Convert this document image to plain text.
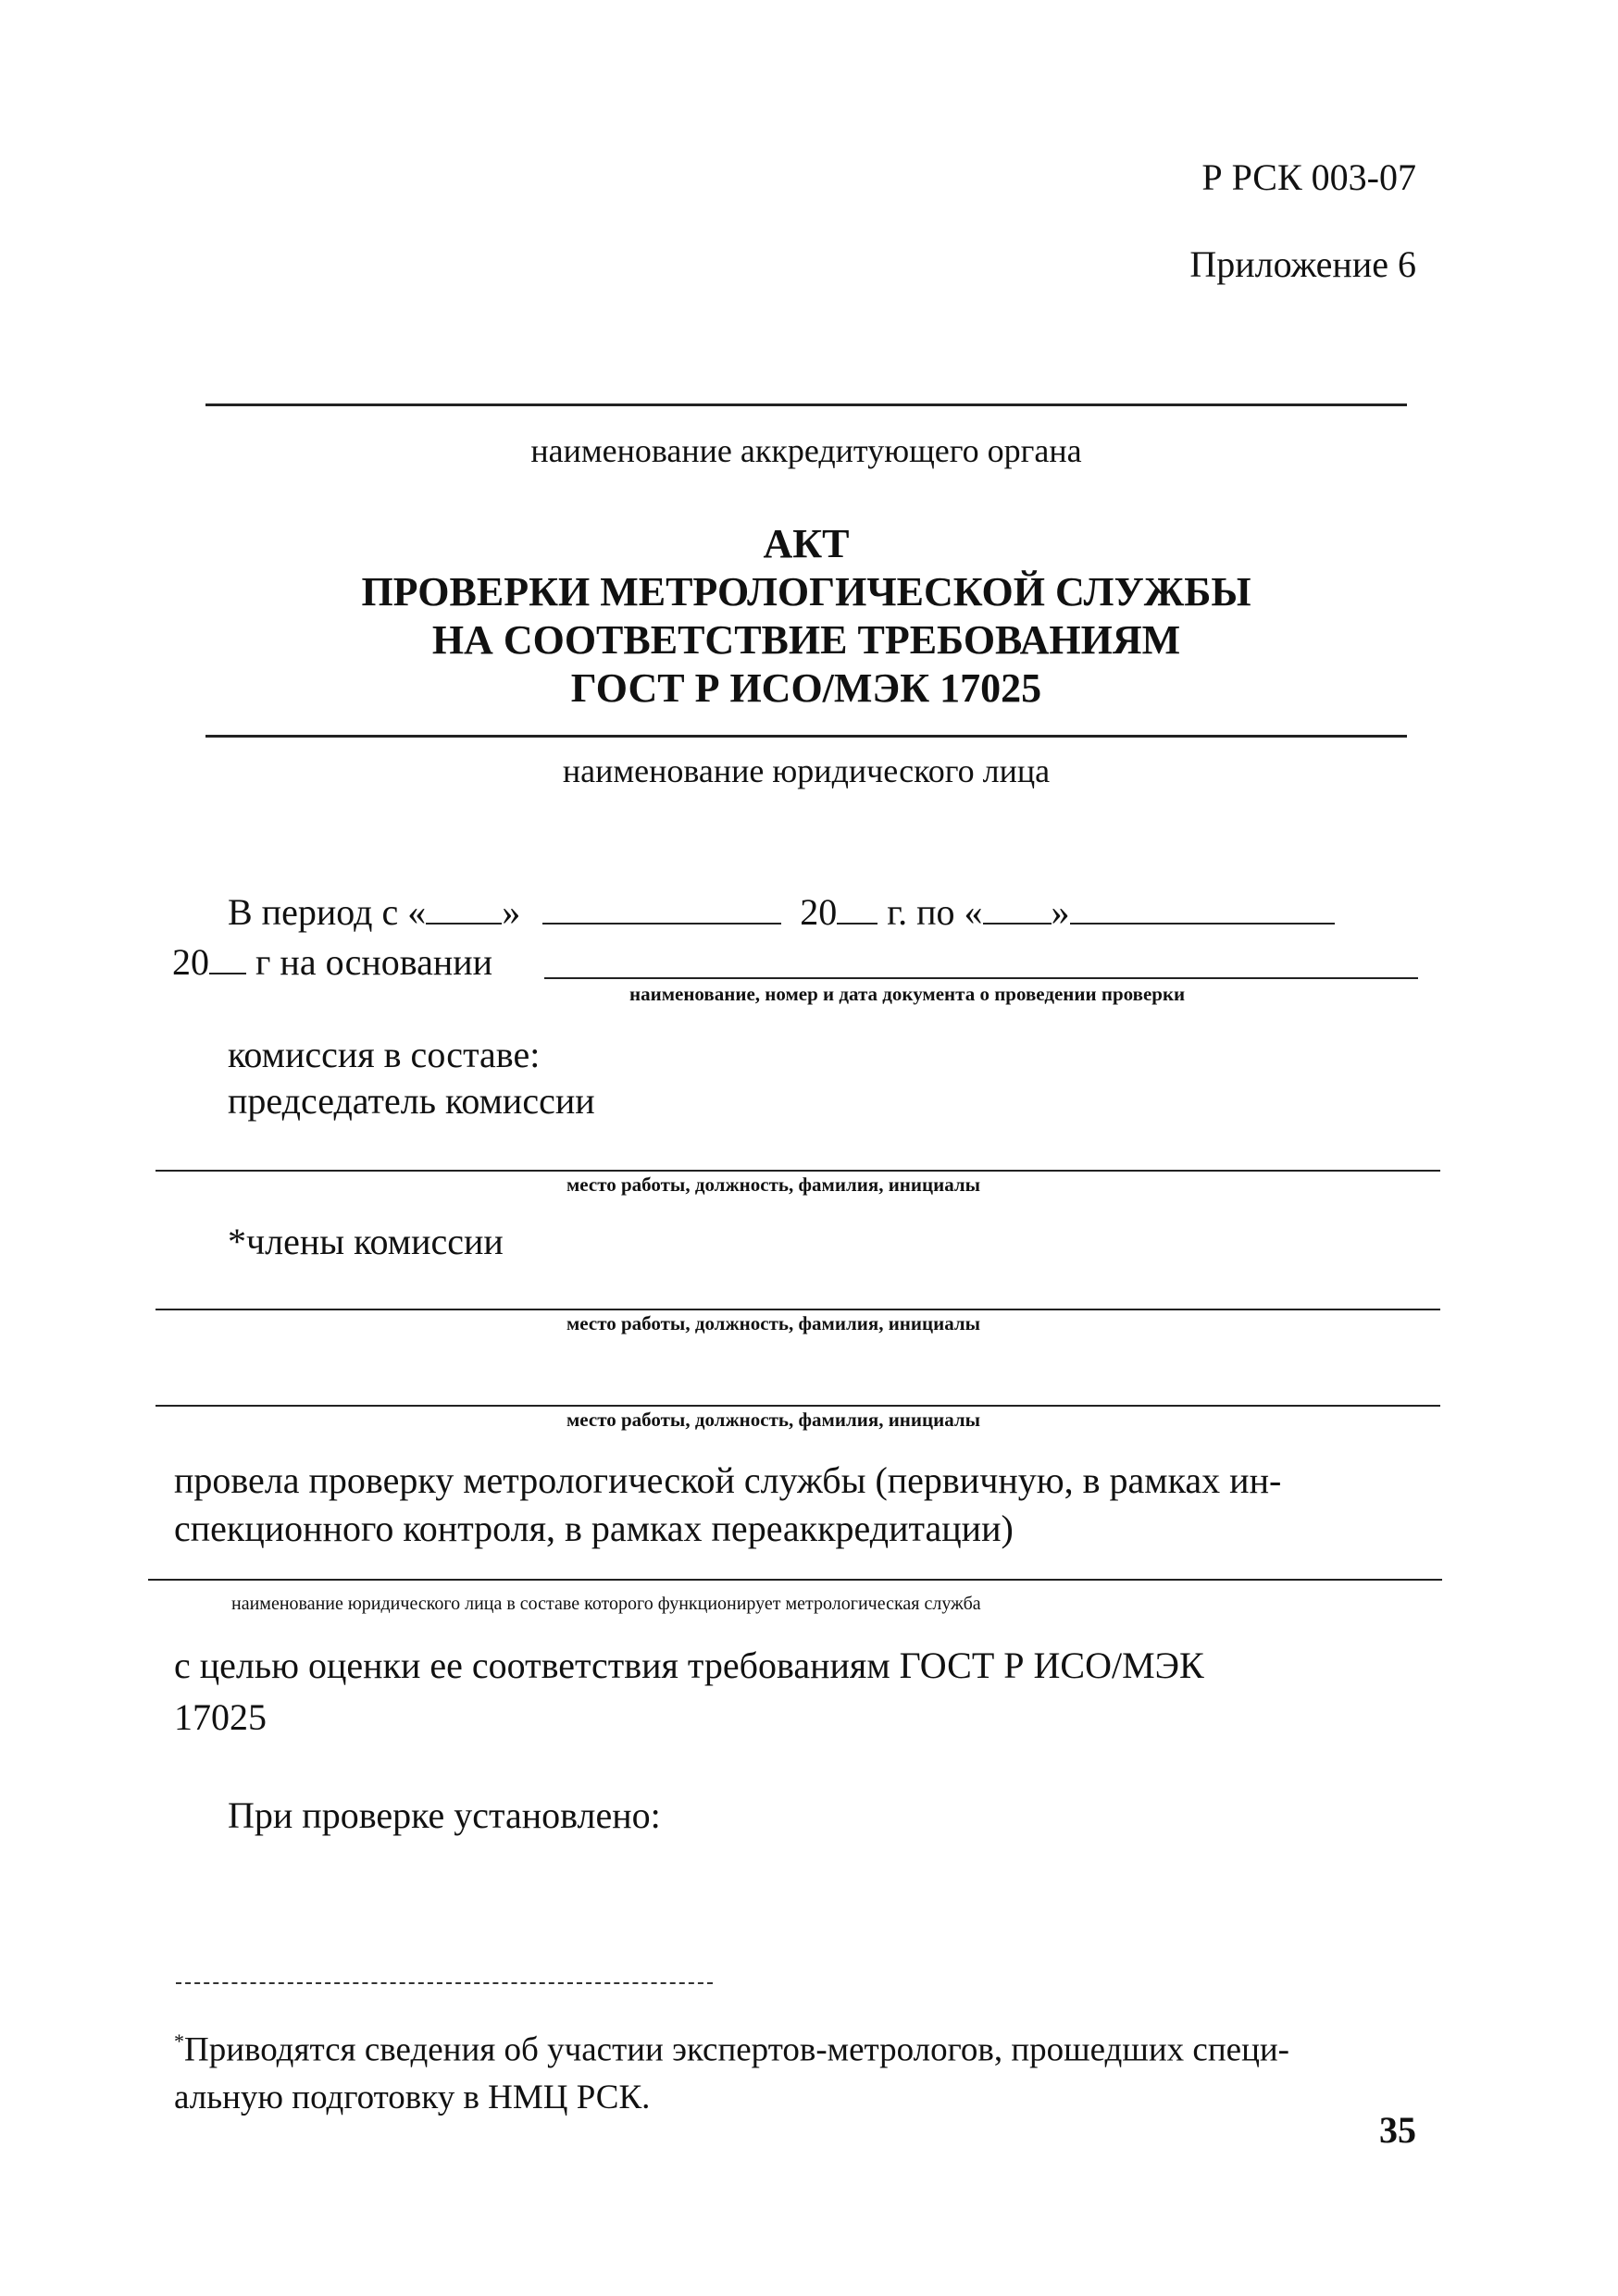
Р РСК 003-07
Приложение 6
наименование аккредитующего органа
АКТ
ПРОВЕРКИ МЕТРОЛОГИЧЕСКОЙ СЛУЖБЫ
НА СООТВЕТСТВИЕ ТРЕБОВАНИЯМ
ГОСТ Р ИСО/МЭК 17025
наименование юридического лица
В период с « »	20 г. по « »
20 г на основании
наименование, номер и дата документа о проведении проверки
комиссия в составе:
председатель комиссии
место работы, должность, фамилия, инициалы
*члены комиссии
место работы, должность, фамилия, инициалы
место работы, должность, фамилия, инициалы
провела проверку метрологической службы (первичную, в рамках ин-
спекционного контроля, в рамках переаккредитации)
наименование юридического лица в составе которого функционирует метрологическая служба
с целью оценки ее соответствия требованиям ГОСТ Р ИСО/МЭК
17025
При проверке установлено:
*Приводятся сведения об участии экспертов-метрологов, прошедших специ-
альную подготовку в НМЦ РСК.
35
